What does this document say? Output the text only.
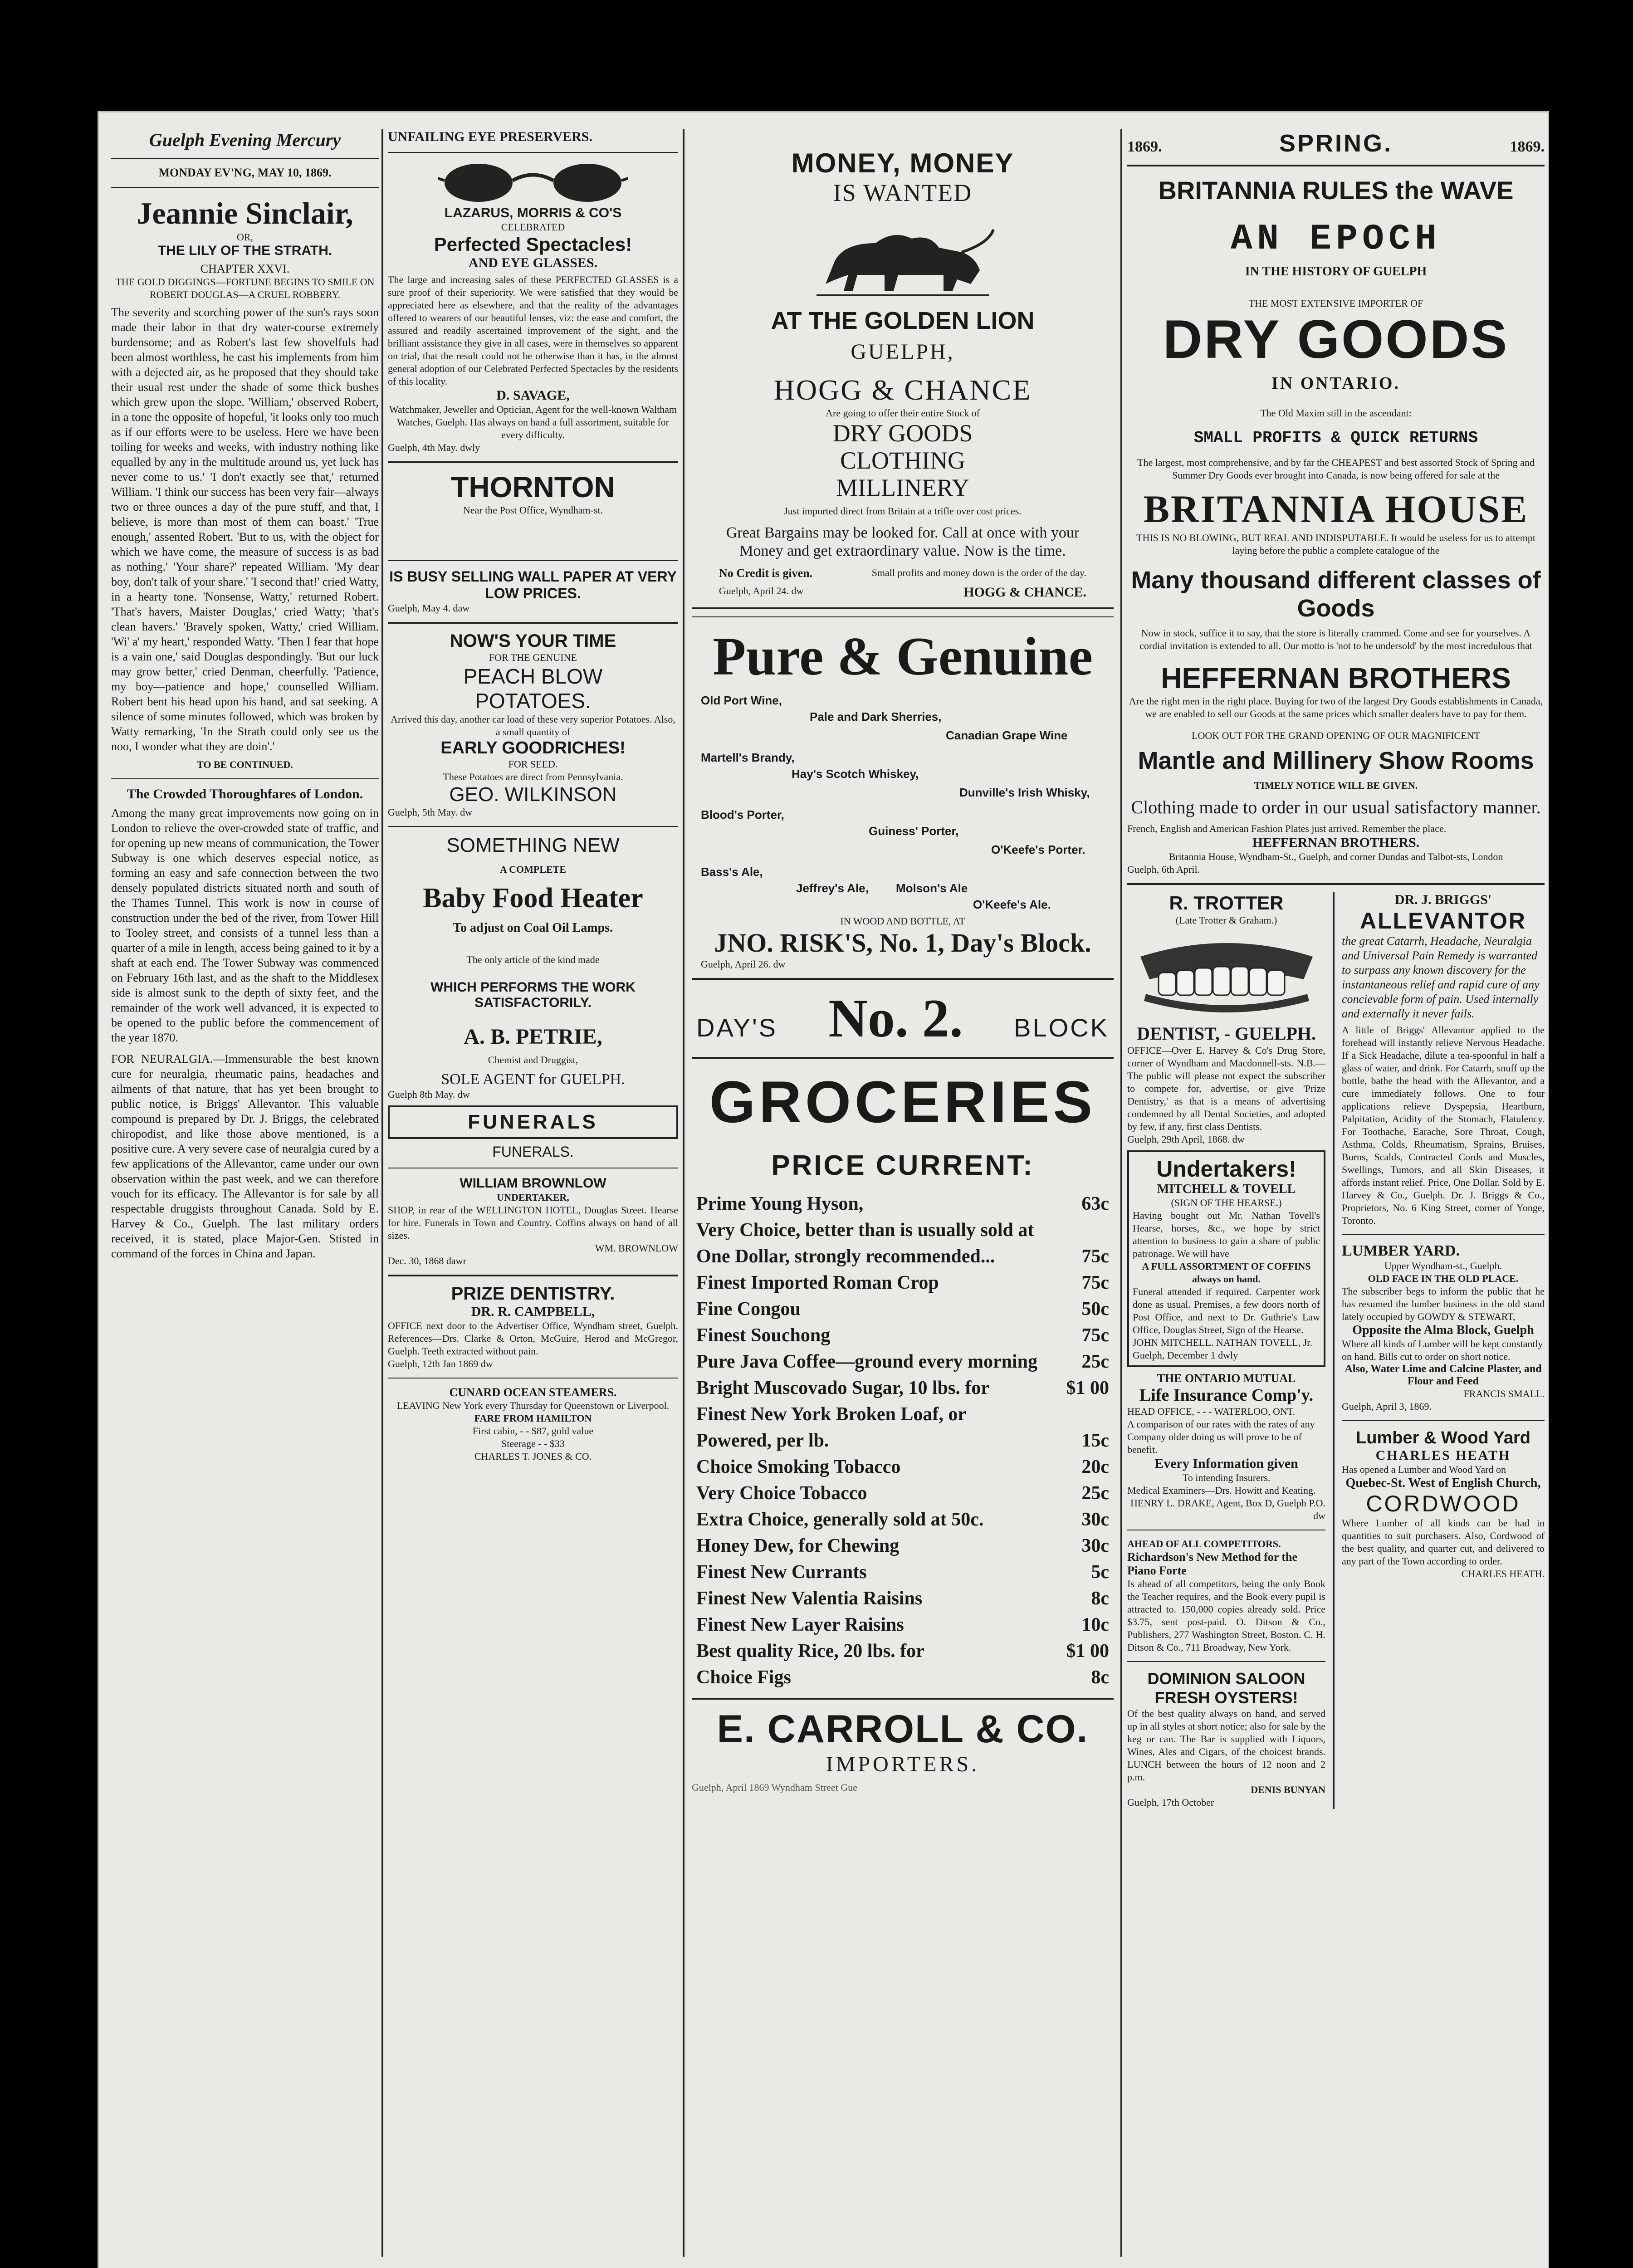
Guelph Evening Mercury
MONDAY EV'NG, MAY 10, 1869.
Jeannie Sinclair,
OR,
THE LILY OF THE STRATH.
CHAPTER XXVI.
THE GOLD DIGGINGS—FORTUNE BEGINS TO SMILE ON ROBERT DOUGLAS—A CRUEL ROBBERY.
The severity and scorching power of the sun's rays soon made their labor in that dry water-course extremely burdensome; and as Robert's last few shovelfuls had been almost worthless, he cast his implements from him with a dejected air, as he proposed that they should take their usual rest under the shade of some thick bushes which grew upon the slope. 'William,' observed Robert, in a tone the opposite of hopeful, 'it looks only too much as if our efforts were to be useless. Here we have been toiling for weeks and weeks, with industry nothing like equalled by any in the multitude around us, yet luck has never come to us.' 'I don't exactly see that,' returned William. 'I think our success has been very fair—always two or three ounces a day of the pure stuff, and that, I believe, is more than most of them can boast.' 'True enough,' assented Robert. 'But to us, with the object for which we have come, the measure of success is as bad as nothing.' 'Your share?' repeated William. 'My dear boy, don't talk of your share.' 'I second that!' cried Watty, in a hearty tone. 'Nonsense, Watty,' returned Robert. 'That's havers, Maister Douglas,' cried Watty; 'that's clean havers.' 'Bravely spoken, Watty,' cried William. 'Wi' a' my heart,' responded Watty. 'Then I fear that hope is a vain one,' said Douglas despondingly. 'But our luck may grow better,' cried Denman, cheerfully. 'Patience, my boy—patience and hope,' counselled William. Robert bent his head upon his hand, and sat seeking. A silence of some minutes followed, which was broken by Watty remarking, 'In the Strath could only see us the noo, I wonder what they are doin'.'
TO BE CONTINUED.
The Crowded Thoroughfares of London.
Among the many great improvements now going on in London to relieve the over-crowded state of traffic, and for opening up new means of communication, the Tower Subway is one which deserves especial notice, as forming an easy and safe connection between the two densely populated districts situated north and south of the Thames Tunnel. This work is now in course of construction under the bed of the river, from Tower Hill to Tooley street, and consists of a tunnel less than a quarter of a mile in length, access being gained to it by a shaft at each end. The Tower Subway was commenced on February 16th last, and as the shaft to the Middlesex side is almost sunk to the depth of sixty feet, and the remainder of the work well advanced, it is expected to be opened to the public before the commencement of the year 1870.
FOR NEURALGIA.—Immensurable the best known cure for neuralgia, rheumatic pains, headaches and ailments of that nature, that has yet been brought to public notice, is Briggs' Allevantor. This valuable compound is prepared by Dr. J. Briggs, the celebrated chiropodist, and like those above mentioned, is a positive cure. A very severe case of neuralgia cured by a few applications of the Allevantor, came under our own observation within the past week, and we can therefore vouch for its efficacy. The Allevantor is for sale by all respectable druggists throughout Canada. Sold by E. Harvey & Co., Guelph. The last military orders received, it is stated, place Major-Gen. Stisted in command of the forces in China and Japan.
UNFAILING EYE PRESERVERS.
LAZARUS, MORRIS & CO'S
CELEBRATED
Perfected Spectacles!
AND EYE GLASSES.
The large and increasing sales of these PERFECTED GLASSES is a sure proof of their superiority. We were satisfied that they would be appreciated here as elsewhere, and that the reality of the advantages offered to wearers of our beautiful lenses, viz: the ease and comfort, the assured and readily ascertained improvement of the sight, and the brilliant assistance they give in all cases, were in themselves so apparent on trial, that the result could not be otherwise than it has, in the almost general adoption of our Celebrated Perfected Spectacles by the residents of this locality.
D. SAVAGE,
Watchmaker, Jeweller and Optician, Agent for the well-known Waltham Watches, Guelph. Has always on hand a full assortment, suitable for every difficulty.
Guelph, 4th May. dwly
THORNTON
Near the Post Office, Wyndham-st.
IS BUSY SELLING WALL PAPER AT VERY LOW PRICES.
Guelph, May 4. daw
NOW'S YOUR TIME
FOR THE GENUINE
PEACH BLOW
POTATOES.
Arrived this day, another car load of these very superior Potatoes. Also, a small quantity of
EARLY GOODRICHES!
FOR SEED.
These Potatoes are direct from Pennsylvania.
GEO. WILKINSON
Guelph, 5th May. dw
SOMETHING NEW
A COMPLETE
Baby Food Heater
To adjust on Coal Oil Lamps.
The only article of the kind made
WHICH PERFORMS THE WORK SATISFACTORILY.
A. B. PETRIE,
Chemist and Druggist,
SOLE AGENT for GUELPH.
Guelph 8th May. dw
FUNERALS
FUNERALS.
WILLIAM BROWNLOW
UNDERTAKER,
SHOP, in rear of the WELLINGTON HOTEL, Douglas Street. Hearse for hire. Funerals in Town and Country. Coffins always on hand of all sizes.
WM. BROWNLOW
Dec. 30, 1868 dawr
PRIZE DENTISTRY.
DR. R. CAMPBELL,
OFFICE next door to the Advertiser Office, Wyndham street, Guelph. References—Drs. Clarke & Orton, McGuire, Herod and McGregor, Guelph. Teeth extracted without pain.
Guelph, 12th Jan 1869 dw
CUNARD OCEAN STEAMERS.
LEAVING New York every Thursday for Queenstown or Liverpool.
FARE FROM HAMILTON
First cabin, - - $87, gold value
Steerage - - $33
CHARLES T. JONES & CO.
MONEY, MONEY
IS WANTED
AT THE GOLDEN LION
GUELPH,
HOGG & CHANCE
Are going to offer their entire Stock of
DRY GOODS
CLOTHING
MILLINERY
Just imported direct from Britain at a trifle over cost prices.
Great Bargains may be looked for. Call at once with your Money and get extraordinary value. Now is the time.
No Credit is given.	Small profits and money down is the order of the day.
Guelph, April 24. dw	HOGG & CHANCE.
Pure & Genuine
Old Port Wine,
Pale and Dark Sherries,
Canadian Grape Wine
Martell's Brandy,
Hay's Scotch Whiskey,
Dunville's Irish Whisky,
Blood's Porter,
Guiness' Porter,
O'Keefe's Porter.
Bass's Ale,
Jeffrey's Ale, Molson's Ale
O'Keefe's Ale.
IN WOOD AND BOTTLE, AT
JNO. RISK'S, No. 1, Day's Block.
Guelph, April 26. dw
DAY'S No. 2. BLOCK
GROCERIES
PRICE CURRENT:
Prime Young Hyson,	63c
Very Choice, better than is usually sold at One Dollar, strongly recommended...	75c
Finest Imported Roman Crop	75c
Fine Congou	50c
Finest Souchong	75c
Pure Java Coffee—ground every morning 25c
Bright Muscovado Sugar, 10 lbs. for	$1 00
Finest New York Broken Loaf, or Powered, per lb.	15c
Choice Smoking Tobacco	20c
Very Choice Tobacco	25c
Extra Choice, generally sold at 50c.	30c
Honey Dew, for Chewing	30c
Finest New Currants	5c
Finest New Valentia Raisins	8c
Finest New Layer Raisins	10c
Best quality Rice, 20 lbs. for	$1 00
Choice Figs	8c
E. CARROLL & CO.
IMPORTERS.
Guelph, April 1869 Wyndham Street Gue
1869.	SPRING.	1869.
BRITANNIA RULES the WAVE
AN EPOCH
IN THE HISTORY OF GUELPH
THE MOST EXTENSIVE IMPORTER OF
DRY GOODS
IN ONTARIO.
The Old Maxim still in the ascendant:
SMALL PROFITS & QUICK RETURNS
The largest, most comprehensive, and by far the CHEAPEST and best assorted Stock of Spring and Summer Dry Goods ever brought into Canada, is now being offered for sale at the
BRITANNIA HOUSE
THIS IS NO BLOWING, BUT REAL AND INDISPUTABLE. It would be useless for us to attempt laying before the public a complete catalogue of the
Many thousand different classes of Goods
Now in stock, suffice it to say, that the store is literally crammed. Come and see for yourselves. A cordial invitation is extended to all. Our motto is 'not to be undersold' by the most incredulous that
HEFFERNAN BROTHERS
Are the right men in the right place. Buying for two of the largest Dry Goods establishments in Canada, we are enabled to sell our Goods at the same prices which smaller dealers have to pay for them.
LOOK OUT FOR THE GRAND OPENING OF OUR MAGNIFICENT
Mantle and Millinery Show Rooms
TIMELY NOTICE WILL BE GIVEN.
Clothing made to order in our usual satisfactory manner.
French, English and American Fashion Plates just arrived. Remember the place.
HEFFERNAN BROTHERS.
Britannia House, Wyndham-St., Guelph, and corner Dundas and Talbot-sts, London
Guelph, 6th April.
R. TROTTER
(Late Trotter & Graham.)
DENTIST, - GUELPH.
OFFICE—Over E. Harvey & Co's Drug Store, corner of Wyndham and Macdonnell-sts. N.B.—The public will please not expect the subscriber to compete for, advertise, or give 'Prize Dentistry,' as that is a means of advertising condemned by all Dental Societies, and adopted by few, if any, first class Dentists.
Guelph, 29th April, 1868. dw
Undertakers!
MITCHELL & TOVELL
(SIGN OF THE HEARSE.)
Having bought out Mr. Nathan Tovell's Hearse, horses, &c., we hope by strict attention to business to gain a share of public patronage. We will have
A FULL ASSORTMENT OF COFFINS always on hand.
Funeral attended if required. Carpenter work done as usual. Premises, a few doors north of Post Office, and next to Dr. Guthrie's Law Office, Douglas Street, Sign of the Hearse.
JOHN MITCHELL. NATHAN TOVELL, Jr.
Guelph, December 1 dwly
THE ONTARIO MUTUAL
Life Insurance Comp'y.
HEAD OFFICE, - - - WATERLOO, ONT.
A comparison of our rates with the rates of any Company older doing us will prove to be of benefit.
Every Information given
To intending Insurers.
Medical Examiners—Drs. Howitt and Keating.
HENRY L. DRAKE, Agent, Box D, Guelph P.O. dw
AHEAD OF ALL COMPETITORS.
Richardson's New Method for the Piano Forte
Is ahead of all competitors, being the only Book the Teacher requires, and the Book every pupil is attracted to. 150,000 copies already sold. Price $3.75, sent post-paid. O. Ditson & Co., Publishers, 277 Washington Street, Boston. C. H. Ditson & Co., 711 Broadway, New York.
DOMINION SALOON
FRESH OYSTERS!
Of the best quality always on hand, and served up in all styles at short notice; also for sale by the keg or can. The Bar is supplied with Liquors, Wines, Ales and Cigars, of the choicest brands. LUNCH between the hours of 12 noon and 2 p.m.
DENIS BUNYAN
Guelph, 17th October
DR. J. BRIGGS'
ALLEVANTOR
the great Catarrh, Headache, Neuralgia and Universal Pain Remedy is warranted to surpass any known discovery for the instantaneous relief and rapid cure of any concievable form of pain. Used internally and externally it never fails.
A little of Briggs' Allevantor applied to the forehead will instantly relieve Nervous Headache. If a Sick Headache, dilute a tea-spoonful in half a glass of water, and drink. For Catarrh, snuff up the bottle, bathe the head with the Allevantor, and a cure immediately follows. One to four applications relieve Dyspepsia, Heartburn, Palpitation, Acidity of the Stomach, Flatulency. For Toothache, Earache, Sore Throat, Cough, Asthma, Colds, Rheumatism, Sprains, Bruises, Burns, Scalds, Contracted Cords and Muscles, Swellings, Tumors, and all Skin Diseases, it affords instant relief. Price, One Dollar. Sold by E. Harvey & Co., Guelph. Dr. J. Briggs & Co., Proprietors, No. 6 King Street, corner of Yonge, Toronto.
LUMBER YARD.
Upper Wyndham-st., Guelph.
OLD FACE IN THE OLD PLACE.
The subscriber begs to inform the public that he has resumed the lumber business in the old stand lately occupied by GOWDY & STEWART,
Opposite the Alma Block, Guelph
Where all kinds of Lumber will be kept constantly on hand. Bills cut to order on short notice.
Also, Water Lime and Calcine Plaster, and Flour and Feed
FRANCIS SMALL.
Guelph, April 3, 1869.
Lumber & Wood Yard
CHARLES HEATH
Has opened a Lumber and Wood Yard on
Quebec-St. West of English Church,
CORDWOOD
Where Lumber of all kinds can be had in quantities to suit purchasers. Also, Cordwood of the best quality, and quarter cut, and delivered to any part of the Town according to order.
CHARLES HEATH.
